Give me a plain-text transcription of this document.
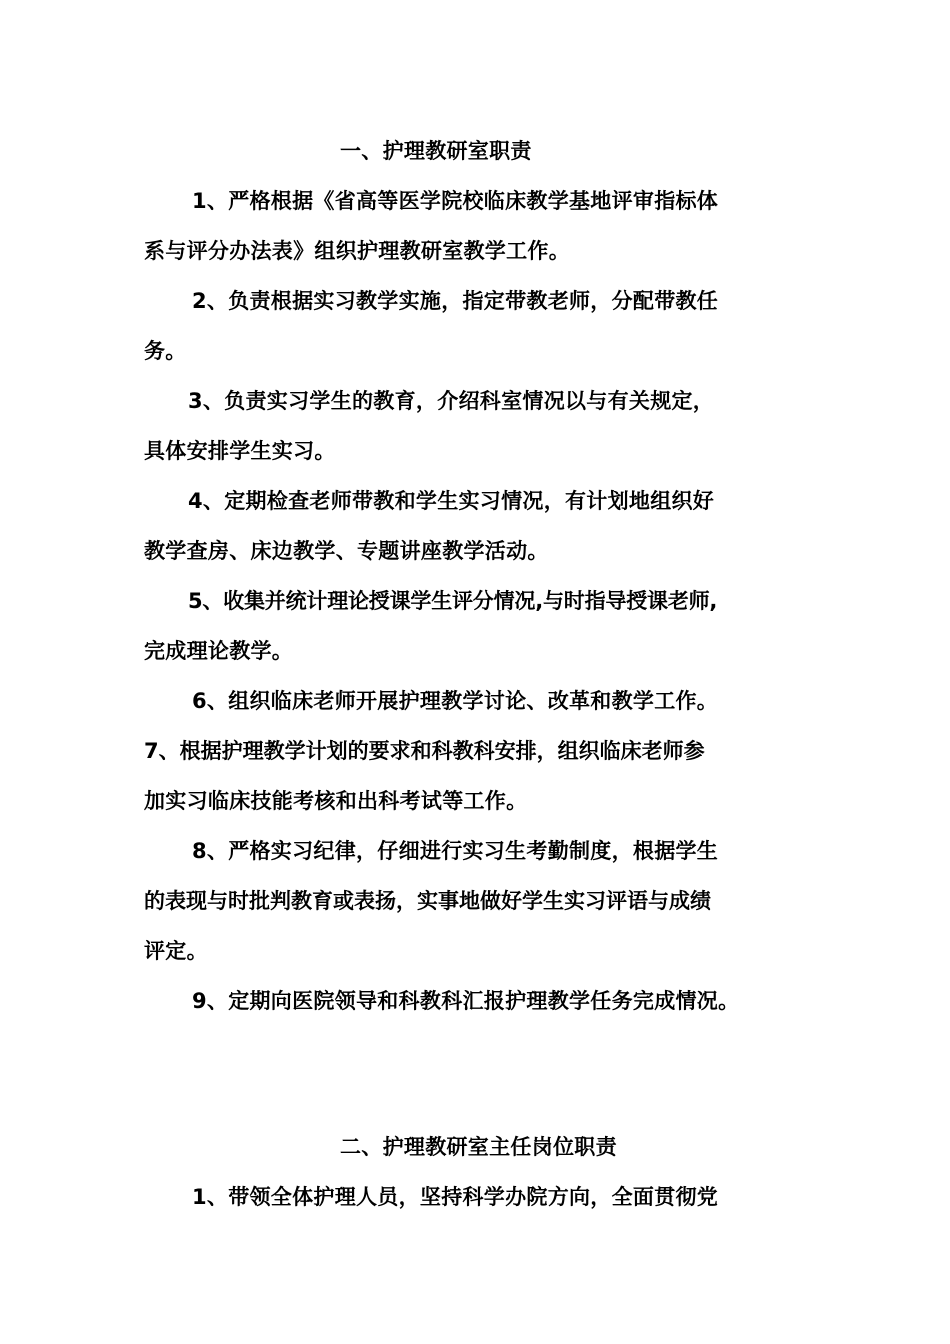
一、护理教研室职责
1、严格根据《省高等医学院校临床教学基地评审指标体
系与评分办法表》组织护理教研室教学工作。
2、负责根据实习教学实施，指定带教老师，分配带教任
务。
3、负责实习学生的教育，介绍科室情况以与有关规定，
具体安排学生实习。
4、定期检查老师带教和学生实习情况，有计划地组织好
教学查房、床边教学、专题讲座教学活动。
5、收集并统计理论授课学生评分情况,与时指导授课老师,
完成理论教学。
6、组织临床老师开展护理教学讨论、改革和教学工作。
7、根据护理教学计划的要求和科教科安排，组织临床老师参
加实习临床技能考核和出科考试等工作。
8、严格实习纪律，仔细进行实习生考勤制度，根据学生
的表现与时批判教育或表扬，实事地做好学生实习评语与成绩
评定。
9、定期向医院领导和科教科汇报护理教学任务完成情况。
二、护理教研室主任岗位职责
1、带领全体护理人员，坚持科学办院方向，全面贯彻党
